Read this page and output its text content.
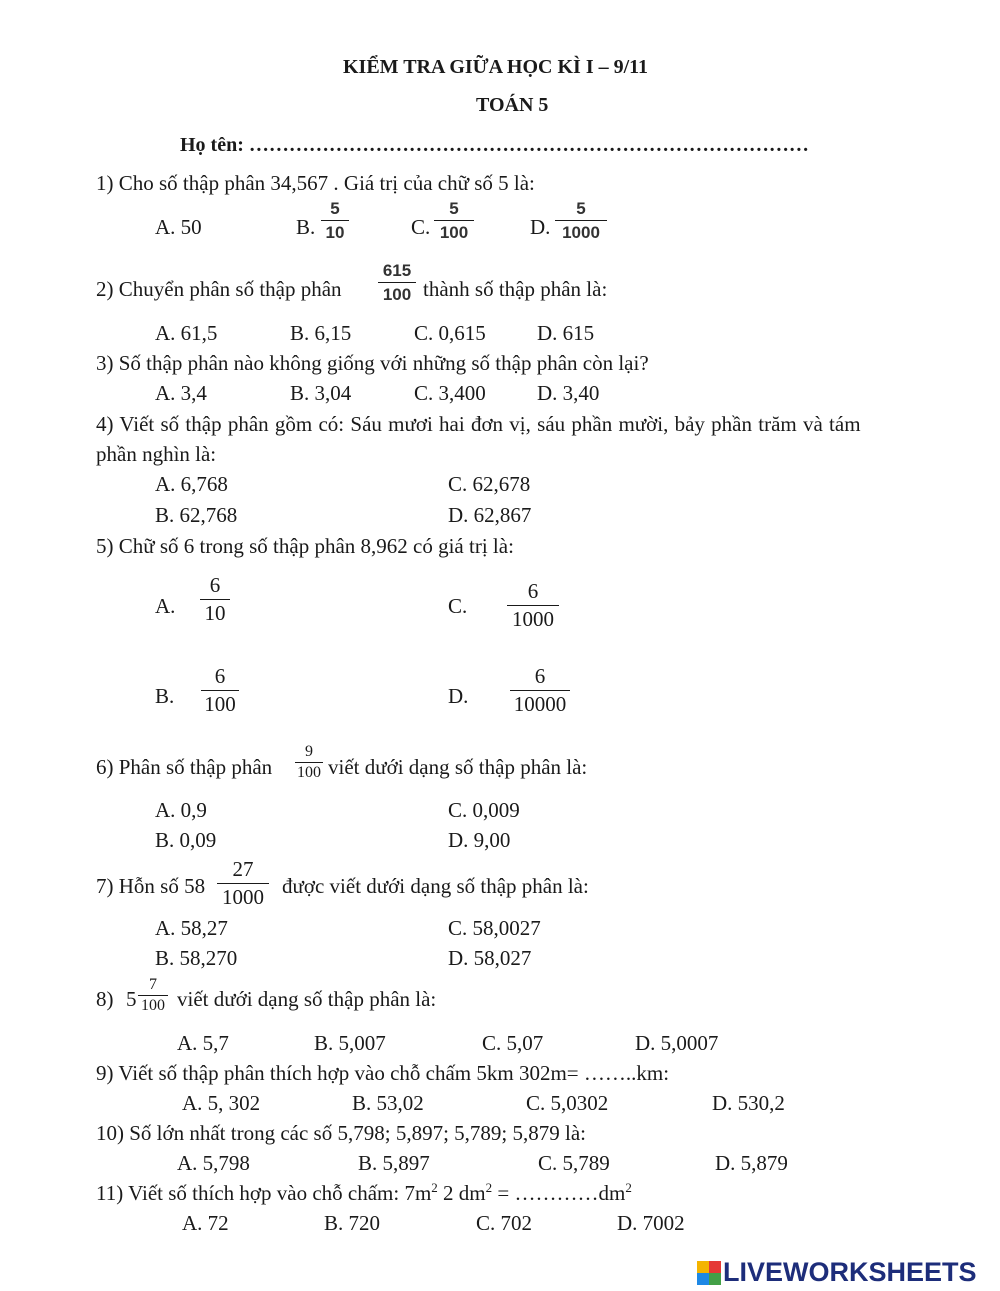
KIỂM TRA GIỮA HỌC KÌ I – 9/11
TOÁN 5
Họ tên: …………………………………………………………………………
1) Cho số thập phân 34,567 . Giá trị của chữ số 5 là:
A. 50	B.
5
10	C.
5
100	D.
5
1000
2) Chuyển phân số thập phân
615
100 thành số thập phân là:
A. 61,5	B. 6,15	C. 0,615 D. 615
3) Số thập phân nào không giống với những số thập phân còn lại?
A. 3,4	B. 3,04	C. 3,400 D. 3,40
4) Viết số thập phân gồm có: Sáu mươi hai đơn vị, sáu phần mười, bảy phần trăm và tám
phần nghìn là:
A. 6,768	C. 62,678
B. 62,768	D. 62,867
5) Chữ số 6 trong số thập phân 8,962 có giá trị là:
A.
6
10	C.
6
1000
B.
6
100	D.
6
10000
6) Phân số thập phân
9
100 viết dưới dạng số thập phân là:
A. 0,9	C. 0,009
B. 0,09	D. 9,00
7) Hỗn số 58
27
1000 được viết dưới dạng số thập phân là:
A. 58,27	C. 58,0027
B. 58,270	D. 58,027
8) 5
7
100 viết dưới dạng số thập phân là:
A. 5,7	B. 5,007	C. 5,07	D. 5,0007
9) Viết số thập phân thích hợp vào chỗ chấm 5km 302m= ……..km:
A. 5, 302	B. 53,02	C. 5,0302	D. 530,2
10) Số lớn nhất trong các số 5,798; 5,897; 5,789; 5,879 là:
A. 5,798	B. 5,897	C. 5,789	D. 5,879
11) Viết số thích hợp vào chỗ chấm: $7m^2$ 2 $dm^2$ = $\dots\dots\dots\dots dm^2$
A. 72	B. 720	C. 702	D. 7002
LIVEWORKSHEETS
